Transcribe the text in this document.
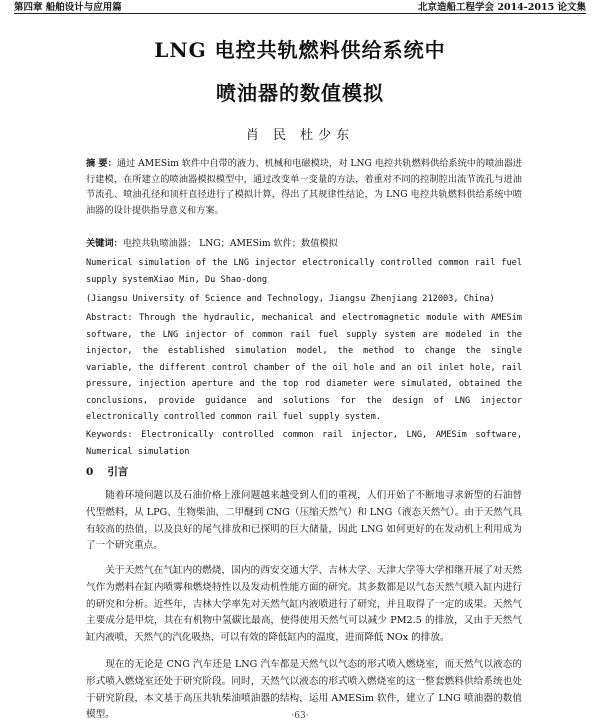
第四章 船舶设计与应用篇	北京造船工程学会 2014-2015 论文集
LNG 电控共轨燃料供给系统中
喷油器的数值模拟
肖 民 杜少东
摘 要：通过 AMESim 软件中自带的液力、机械和电磁模块，对 LNG 电控共轨燃料供给系统中的喷油器进行建模，在所建立的喷油器模拟模型中，通过改变单一变量的方法，着重对不同的控制腔出流节流孔与进油节流孔、喷油孔径和顶杆直径进行了模拟计算，得出了其规律性结论，为 LNG 电控共轨燃料供给系统中喷油器的设计提供指导意义和方案。
关键词：电控共轨喷油器； LNG；AMESim 软件；数值模拟
Numerical simulation of the LNG injector electronically controlled common rail fuel supply systemXiao Min, Du Shao-dong
(Jiangsu University of Science and Technology, Jiangsu Zhenjiang 212003, China)
Abstract: Through the hydraulic, mechanical and electromagnetic module with AMESim software, the LNG injector of common rail fuel supply system are modeled in the injector, the established simulation model, the method to change the single variable, the different control chamber of the oil hole and an oil inlet hole, rail pressure, injection aperture and the top rod diameter were simulated, obtained the conclusions, provide guidance and solutions for the design of LNG injector electronically controlled common rail fuel supply system.
Keywords: Electronically controlled common rail injector, LNG, AMESim software, Numerical simulation
0 引言
随着环境问题以及石油价格上涨问题越来越受到人们的重视，人们开始了不断地寻求新型的石油替代型燃料，从 LPG、生物柴油、二甲醚到 CNG（压缩天然气）和 LNG（液态天然气）。由于天然气具有较高的热值，以及良好的尾气排放和已探明的巨大储量，因此 LNG 如何更好的在发动机上利用成为了一个研究重点。
关于天然气在气缸内的燃烧，国内的西安交通大学、吉林大学、天津大学等大学相继开展了对天然气作为燃料在缸内喷雾和燃烧特性以及发动机性能方面的研究。其多数都是以气态天然气喷入缸内进行的研究和分析。近些年，吉林大学率先对天然气缸内液喷进行了研究，并且取得了一定的成果。天然气主要成分是甲烷，其在有机物中氢碳比最高，使得使用天然气可以减少 PM2.5 的排放，又由于天然气缸内液喷，天然气的汽化吸热，可以有效的降低缸内的温度，进而降低 NOx 的排放。
现在的无论是 CNG 汽车还是 LNG 汽车都是天然气以气态的形式喷入燃烧室，而天然气以液态的形式喷入燃烧室还处于研究阶段。同时，天然气以液态的形式喷入燃烧室的这一整套燃料供给系统也处于研究阶段，本文基于高压共轨柴油喷油器的结构，运用 AMESim 软件，建立了 LNG 喷油器的数值模型。	·63·
